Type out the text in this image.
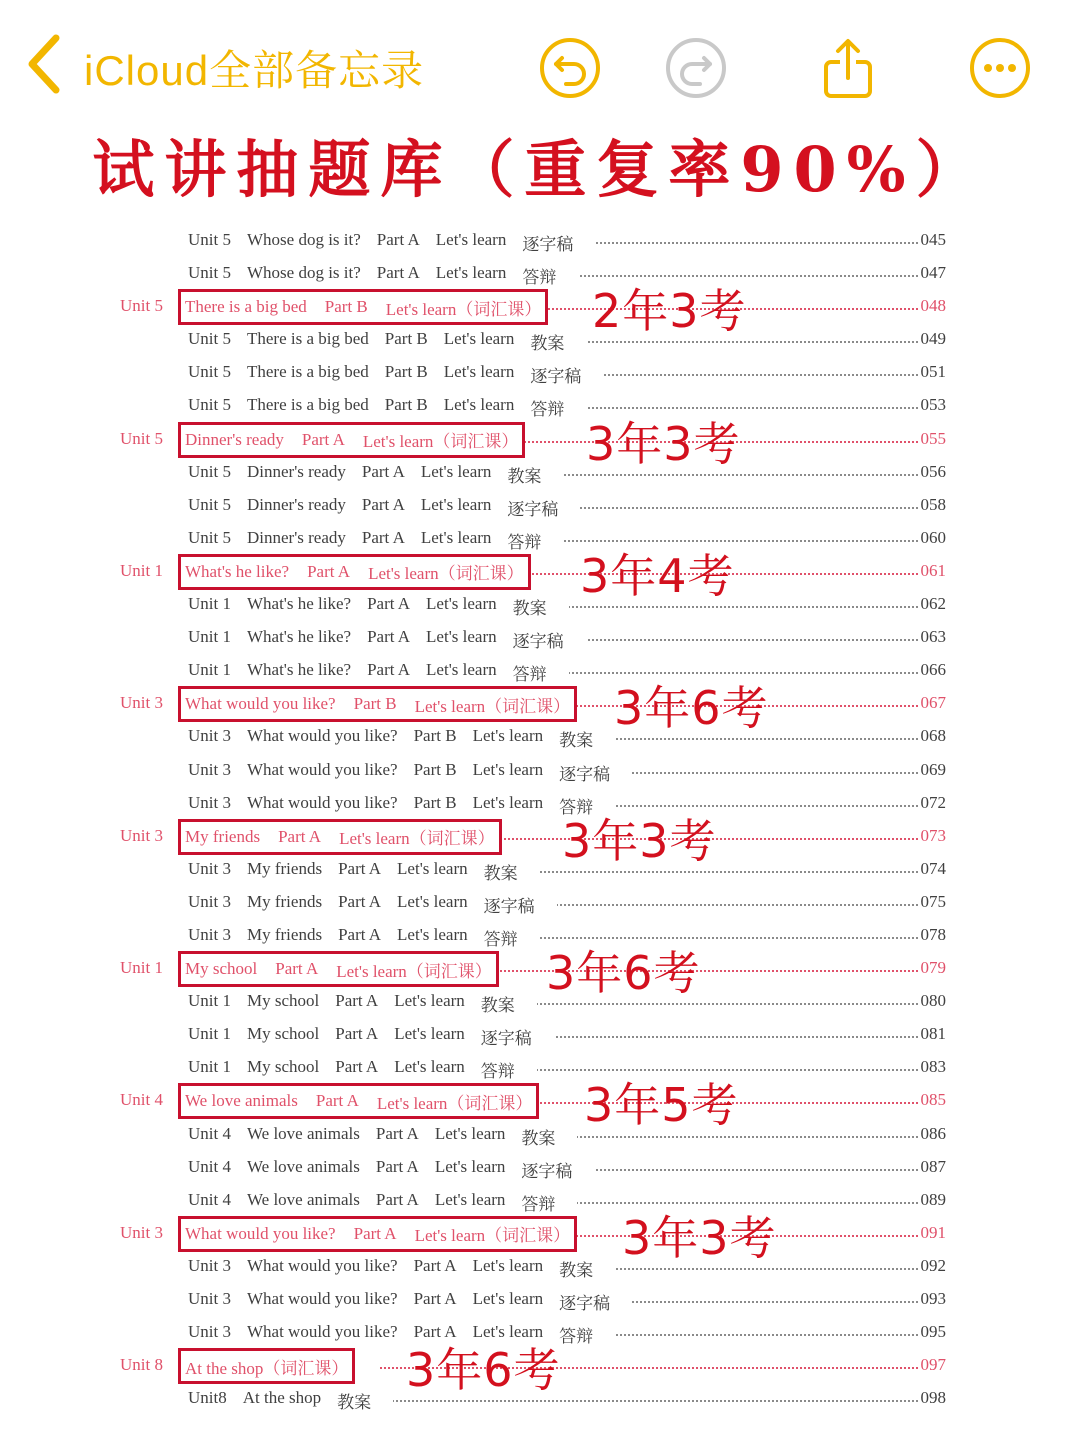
iCloud全部备忘录
试讲抽题库（重复率90%）
Unit 5 Whose dog is it? Part A Let's learn 逐字稿	045
Unit 5 Whose dog is it? Part A Let's learn 答辩	047
Unit 5 There is a big bed Part B Let's learn（词汇课） 2年3考	048
Unit 5 There is a big bed Part B Let's learn 教案	049
Unit 5 There is a big bed Part B Let's learn 逐字稿	051
Unit 5 There is a big bed Part B Let's learn 答辩	053
Unit 5 Dinner's ready Part A Let's learn（词汇课） 3年3考	055
Unit 5 Dinner's ready Part A Let's learn 教案	056
Unit 5 Dinner's ready Part A Let's learn 逐字稿	058
Unit 5 Dinner's ready Part A Let's learn 答辩	060
Unit 1 What's he like? Part A Let's learn（词汇课） 3年4考	061
Unit 1 What's he like? Part A Let's learn 教案	062
Unit 1 What's he like? Part A Let's learn 逐字稿	063
Unit 1 What's he like? Part A Let's learn 答辩	066
Unit 3 What would you like? Part B Let's learn（词汇课） 3年6考	067
Unit 3 What would you like? Part B Let's learn 教案	068
Unit 3 What would you like? Part B Let's learn 逐字稿	069
Unit 3 What would you like? Part B Let's learn 答辩	072
Unit 3 My friends Part A Let's learn（词汇课） 3年3考	073
Unit 3 My friends Part A Let's learn 教案	074
Unit 3 My friends Part A Let's learn 逐字稿	075
Unit 3 My friends Part A Let's learn 答辩	078
Unit 1 My school Part A Let's learn（词汇课） 3年6考	079
Unit 1 My school Part A Let's learn 教案	080
Unit 1 My school Part A Let's learn 逐字稿	081
Unit 1 My school Part A Let's learn 答辩	083
Unit 4 We love animals Part A Let's learn（词汇课） 3年5考	085
Unit 4 We love animals Part A Let's learn 教案	086
Unit 4 We love animals Part A Let's learn 逐字稿	087
Unit 4 We love animals Part A Let's learn 答辩	089
Unit 3 What would you like? Part A Let's learn（词汇课） 3年3考	091
Unit 3 What would you like? Part A Let's learn 教案	092
Unit 3 What would you like? Part A Let's learn 逐字稿	093
Unit 3 What would you like? Part A Let's learn 答辩	095
Unit 8 At the shop（词汇课） 3年6考	097
Unit8 At the shop 教案	098
